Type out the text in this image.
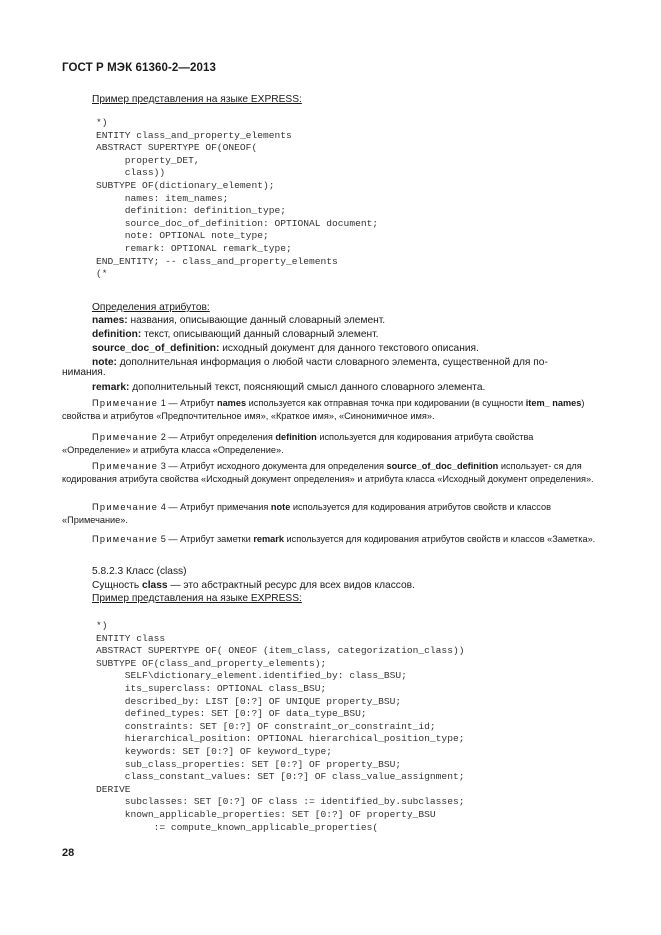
ГОСТ Р МЭК 61360-2—2013
Пример представления на языке EXPRESS:
*)
ENTITY class_and_property_elements
ABSTRACT SUPERTYPE OF(ONEOF(
property_DET,
class))
SUBTYPE OF(dictionary_element);
names: item_names;
definition: definition_type;
source_doc_of_definition: OPTIONAL document;
note: OPTIONAL note_type;
remark: OPTIONAL remark_type;
END_ENTITY; -- class_and_property_elements
(*
Определения атрибутов:
names: названия, описывающие данный словарный элемент.
definition: текст, описывающий данный словарный элемент.
source_doc_of_definition: исходный документ для данного текстового описания.
note: дополнительная информация о любой части словарного элемента, существенной для по-
нимания.
remark: дополнительный текст, поясняющий смысл данного словарного элемента.
Примечание 1 — Атрибут names используется как отправная точка при кодировании (в сущности item_ names) свойства и атрибутов «Предпочтительное имя», «Краткое имя», «Синонимичное имя».
Примечание 2 — Атрибут определения definition используется для кодирования атрибута свойства «Определение» и атрибута класса «Определение».
Примечание 3 — Атрибут исходного документа для определения source_of_doc_definition использует- ся для кодирования атрибута свойства «Исходный документ определения» и атрибута класса «Исходный документ определения».
Примечание 4 — Атрибут примечания note используется для кодирования атрибутов свойств и классов «Примечание».
Примечание 5 — Атрибут заметки remark используется для кодирования атрибутов свойств и классов «Заметка».
5.8.2.3 Класс (class)
Сущность class — это абстрактный ресурс для всех видов классов.
Пример представления на языке EXPRESS:
*)
ENTITY class
ABSTRACT SUPERTYPE OF( ONEOF (item_class, categorization_class))
SUBTYPE OF(class_and_property_elements);
SELF\dictionary_element.identified_by: class_BSU;
its_superclass: OPTIONAL class_BSU;
described_by: LIST [0:?] OF UNIQUE property_BSU;
defined_types: SET [0:?] OF data_type_BSU;
constraints: SET [0:?] OF constraint_or_constraint_id;
hierarchical_position: OPTIONAL hierarchical_position_type;
keywords: SET [0:?] OF keyword_type;
sub_class_properties: SET [0:?] OF property_BSU;
class_constant_values: SET [0:?] OF class_value_assignment;
DERIVE
subclasses: SET [0:?] OF class := identified_by.subclasses;
known_applicable_properties: SET [0:?] OF property_BSU
:= compute_known_applicable_properties(
28
